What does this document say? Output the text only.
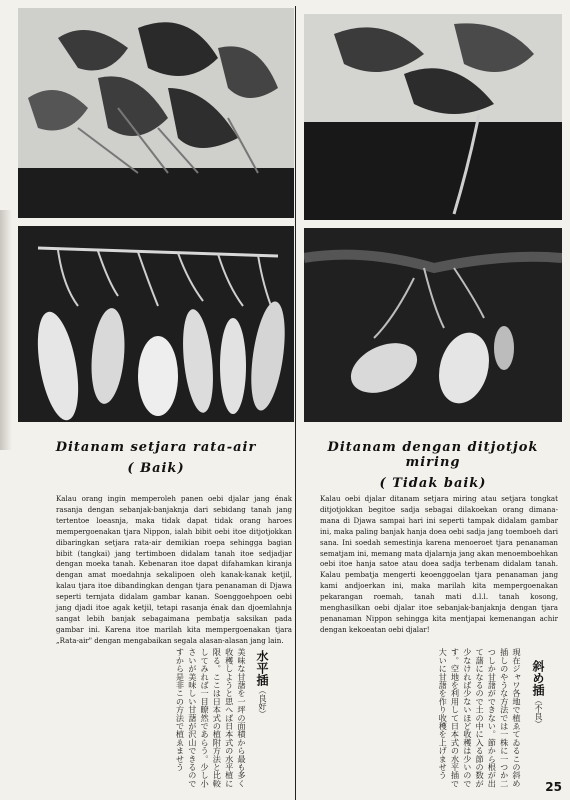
Ditanam setjara rata-air
( Baik)
Kalau orang ingin memperoleh panen oebi djalar jang énak rasanja dengan sebanjak-banjaknja dari sebidang tanah jang tertentoe loeasnja, maka tidak dapat tidak orang haroes mempergoenakan tjara Nippon, ialah bibit oebi itoe ditjotjokkan dibaringkan setjara rata-air demikian roepa sehingga bagian bibit (tangkai) jang tertimboen didalam tanah itoe sedjadjar dengan moeka tanah. Kebenaran itoe dapat difahamkan kiranja dengan amat moedahnja sekalipoen oleh kanak-kanak ketjil, kalau tjara itoe dibandingkan dengan tjara penanaman di Djawa seperti ternjata didalam gambar kanan. Soenggoehpoen oebi jang djadi itoe agak ketjil, tetapi rasanja énak dan djoemlahnja sangat lebih banjak sebagaimana pembatja saksikan pada gambar ini. Karena itoe marilah kita mempergoenakan tjara „Rata-air" dengan mengabaikan segala alasan-alasan jang lain.
水平插（良好）
美味な甘藷を一坪の面積から最も多く收穫しようと思へば日本式の水平植に限る。ここは日本式の植附方法と比較してみれば一目瞭然であらう。少し小さいが美味しい甘藷が沢山できるのですから是非この方法で植ゑませう
Ditanam dengan ditjotjok miring
( Tidak baik)
Kalau oebi djalar ditanam setjara miring atau setjara tongkat ditjotjokkan begitoe sadja sebagai dilakoekan orang dimana-mana di Djawa sampai hari ini seperti tampak didalam gambar ini, maka paling banjak hanja doea oebi sadja jang toemboeh dari sana. Ini soedah semestinja karena menoeroet tjara penanaman sematjam ini, memang mata djalarnja jang akan menoemboehkan oebi itoe hanja satoe atau doea sadja terbenam didalam tanah. Kalau pembatja mengerti keoenggoelan tjara penanaman jang kami andjoerkan ini, maka marilah kita mempergoenakan pekarangan roemah, tanah mati d.l.l. tanah kosong, menghasilkan oebi djalar itoe sebanjak-banjaknja dengan tjara penanaman Nippon sehingga kita mentjapai kemenangan achir dengan kekoeatan oebi djalar!
斜め插（不良）
現在ジャワ各地で植ゑてゐるこの斜め插しのやうな方法では一株に一つか二つしか甘藷ができない。節から根が出て藷になるので土の中に入る節の数が少なければ少ないほど收穫は少いのです。空地を利用して日本式の水平插で大いに甘藷を作り收穫を上げませう
25
